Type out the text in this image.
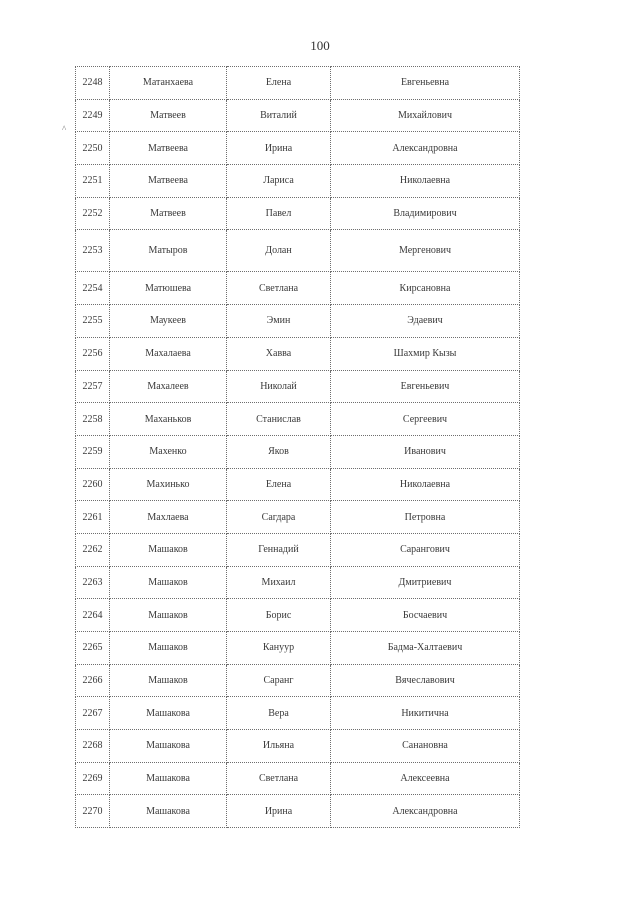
100
^
2248	Матанхаева	Елена	Евгеньевна
2249	Матвеев	Виталий	Михайлович
2250	Матвеева	Ирина	Александровна
2251	Матвеева	Лариса	Николаевна
2252	Матвеев	Павел	Владимирович
2253	Матыров	Долан	Мергенович
2254	Матюшева	Светлана	Кирсановна
2255	Маукеев	Эмин	Эдаевич
2256	Махалаева	Хавва	Шахмир Кызы
2257	Махалеев	Николай	Евгеньевич
2258	Маханьков	Станислав	Сергеевич
2259	Махенко	Яков	Иванович
2260	Махинько	Елена	Николаевна
2261	Махлаева	Сагдара	Петровна
2262	Машаков	Геннадий	Сарангович
2263	Машаков	Михаил	Дмитриевич
2264	Машаков	Борис	Босчаевич
2265	Машаков	Кануур	Бадма-Халтаевич
2266	Машаков	Саранг	Вячеславович
2267	Машакова	Вера	Никитична
2268	Машакова	Ильяна	Санановна
2269	Машакова	Светлана	Алексеевна
2270	Машакова	Ирина	Александровна
